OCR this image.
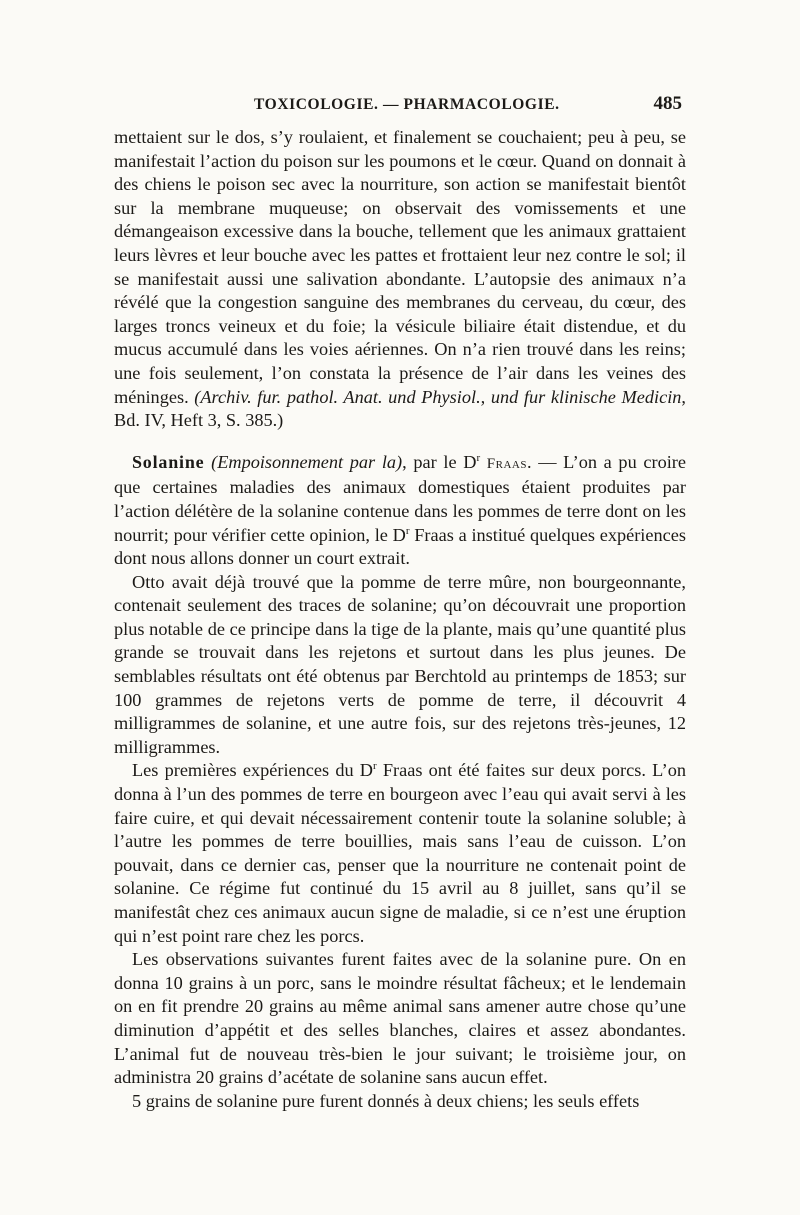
TOXICOLOGIE. — PHARMACOLOGIE.	485

mettaient sur le dos, s’y roulaient, et finalement se couchaient; peu à peu, se manifestait l’action du poison sur les poumons et le cœur. Quand on donnait à des chiens le poison sec avec la nourriture, son action se manifestait bientôt sur la membrane muqueuse; on observait des vomissements et une démangeaison excessive dans la bouche, tellement que les animaux grattaient leurs lèvres et leur bouche avec les pattes et frottaient leur nez contre le sol; il se manifestait aussi une salivation abondante. L’autopsie des animaux n’a révélé que la congestion sanguine des membranes du cerveau, du cœur, des larges troncs veineux et du foie; la vésicule biliaire était distendue, et du mucus accumulé dans les voies aériennes. On n’a rien trouvé dans les reins; une fois seulement, l’on constata la présence de l’air dans les veines des méninges. (Archiv. fur. pathol. Anat. und Physiol., und fur klinische Medicin, Bd. IV, Heft 3, S. 385.)

Solanine (Empoisonnement par la), par le $D^r$ Fraas. — L’on a pu croire que certaines maladies des animaux domestiques étaient produites par l’action délétère de la solanine contenue dans les pommes de terre dont on les nourrit; pour vérifier cette opinion, le $D^r$ Fraas a institué quelques expériences dont nous allons donner un court extrait.

Otto avait déjà trouvé que la pomme de terre mûre, non bourgeonnante, contenait seulement des traces de solanine; qu’on découvrait une proportion plus notable de ce principe dans la tige de la plante, mais qu’une quantité plus grande se trouvait dans les rejetons et surtout dans les plus jeunes. De semblables résultats ont été obtenus par Berchtold au printemps de 1853; sur 100 grammes de rejetons verts de pomme de terre, il découvrit 4 milligrammes de solanine, et une autre fois, sur des rejetons très-jeunes, 12 milligrammes.

Les premières expériences du $D^r$ Fraas ont été faites sur deux porcs. L’on donna à l’un des pommes de terre en bourgeon avec l’eau qui avait servi à les faire cuire, et qui devait nécessairement contenir toute la solanine soluble; à l’autre les pommes de terre bouillies, mais sans l’eau de cuisson. L’on pouvait, dans ce dernier cas, penser que la nourriture ne contenait point de solanine. Ce régime fut continué du 15 avril au 8 juillet, sans qu’il se manifestât chez ces animaux aucun signe de maladie, si ce n’est une éruption qui n’est point rare chez les porcs.

Les observations suivantes furent faites avec de la solanine pure. On en donna 10 grains à un porc, sans le moindre résultat fâcheux; et le lendemain on en fit prendre 20 grains au même animal sans amener autre chose qu’une diminution d’appétit et des selles blanches, claires et assez abondantes. L’animal fut de nouveau très-bien le jour suivant; le troisième jour, on administra 20 grains d’acétate de solanine sans aucun effet.

5 grains de solanine pure furent donnés à deux chiens; les seuls effets
